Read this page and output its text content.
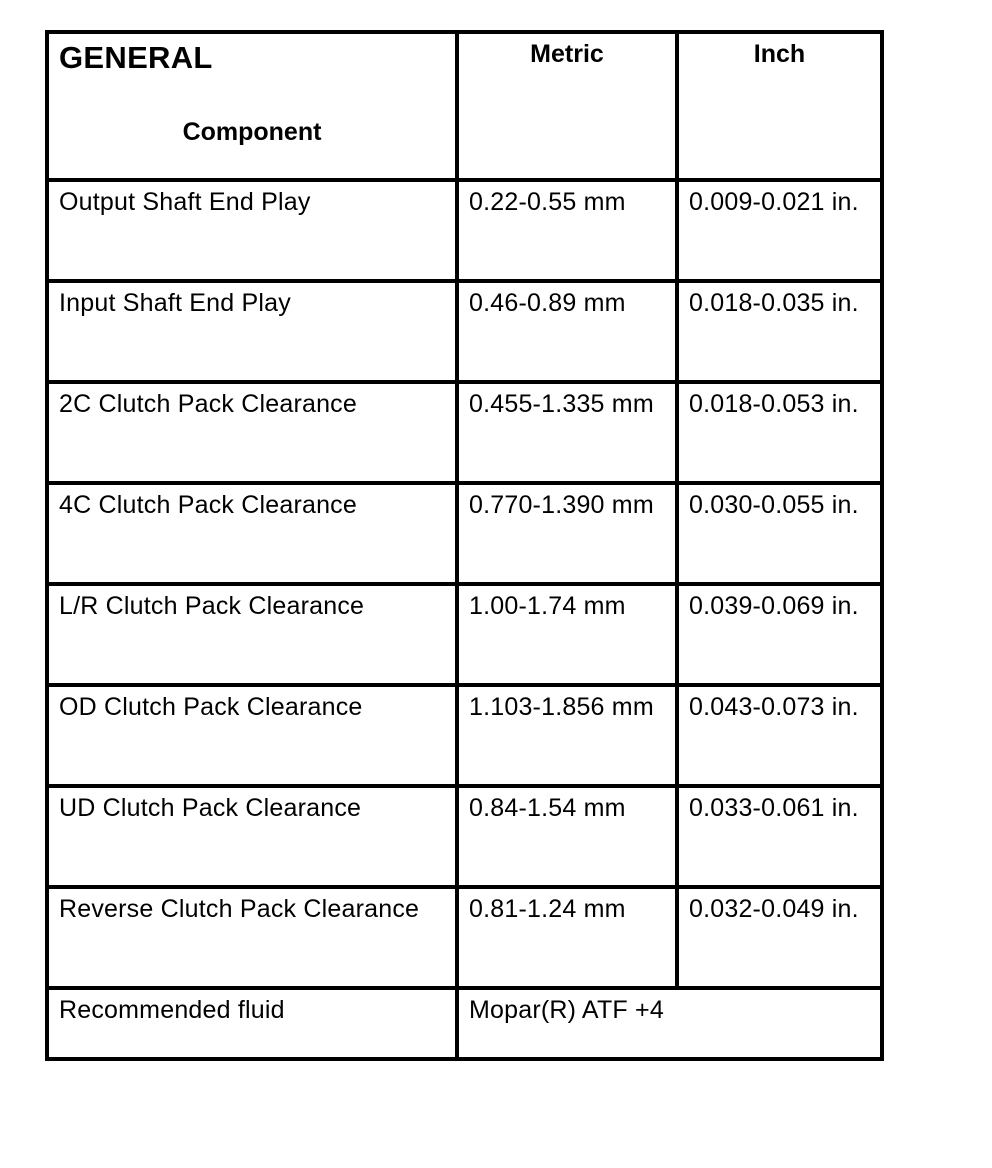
GENERAL
Component	Metric	Inch

Output Shaft End Play	0.22-0.55 mm	0.009-0.021 in.

Input Shaft End Play	0.46-0.89 mm	0.018-0.035 in.

2C Clutch Pack Clearance	0.455-1.335 mm	0.018-0.053 in.

4C Clutch Pack Clearance	0.770-1.390 mm	0.030-0.055 in.

L/R Clutch Pack Clearance	1.00-1.74 mm	0.039-0.069 in.

OD Clutch Pack Clearance	1.103-1.856 mm	0.043-0.073 in.

UD Clutch Pack Clearance	0.84-1.54 mm	0.033-0.061 in.

Reverse Clutch Pack Clearance	0.81-1.24 mm	0.032-0.049 in.

Recommended fluid	Mopar(R) ATF +4	
